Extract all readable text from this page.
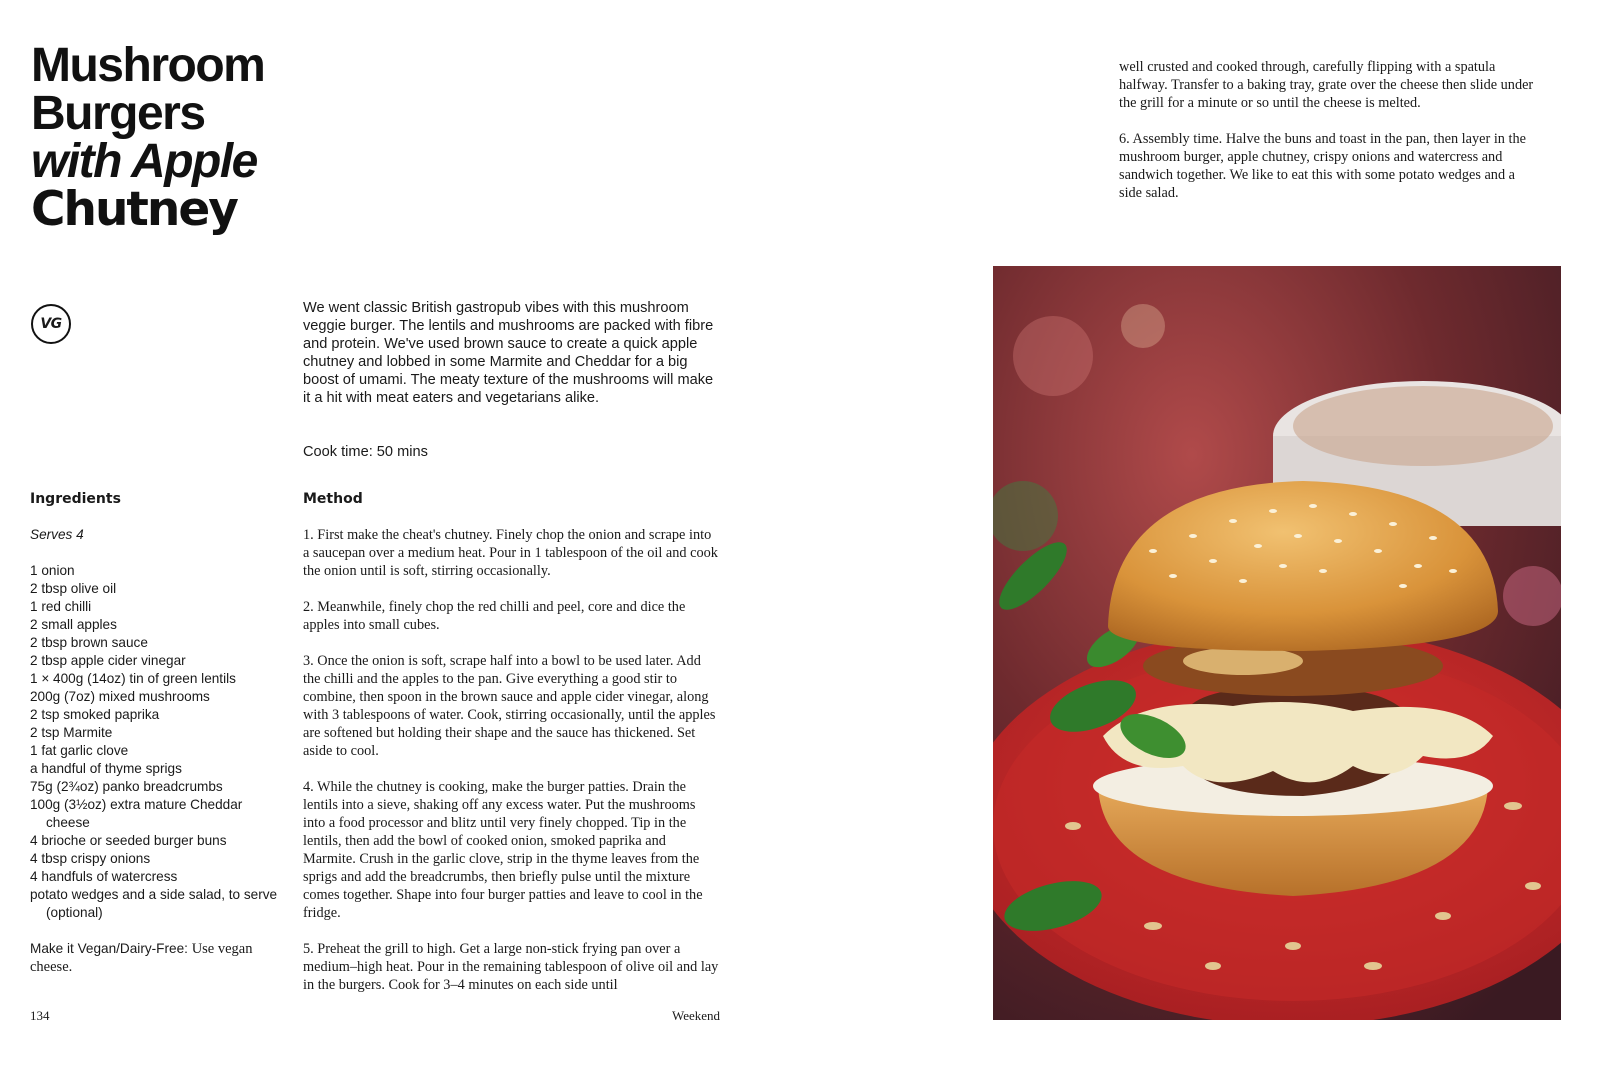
Mushroom
Burgers
with Apple
Chutney
VG

We went classic British gastropub vibes with this mushroom veggie burger. The lentils and mushrooms are packed with fibre and protein. We've used brown sauce to create a quick apple chutney and lobbed in some Marmite and Cheddar for a big boost of umami. The meaty texture of the mushrooms will make it a hit with meat eaters and vegetarians alike.

Cook time: 50 mins

Ingredients	Method

Serves 4

1 onion
2 tbsp olive oil
1 red chilli
2 small apples
2 tbsp brown sauce
2 tbsp apple cider vinegar
1 × 400g (14oz) tin of green lentils
200g (7oz) mixed mushrooms
2 tsp smoked paprika
2 tsp Marmite
1 fat garlic clove
a handful of thyme sprigs
75g (2¾oz) panko breadcrumbs
100g (3½oz) extra mature Cheddar cheese
4 brioche or seeded burger buns
4 tbsp crispy onions
4 handfuls of watercress
potato wedges and a side salad, to serve (optional)

Make it Vegan/Dairy-Free: Use vegan cheese.

1. First make the cheat's chutney. Finely chop the onion and scrape into a saucepan over a medium heat. Pour in 1 tablespoon of the oil and cook the onion until is soft, stirring occasionally.
2. Meanwhile, finely chop the red chilli and peel, core and dice the apples into small cubes.
3. Once the onion is soft, scrape half into a bowl to be used later. Add the chilli and the apples to the pan. Give everything a good stir to combine, then spoon in the brown sauce and apple cider vinegar, along with 3 tablespoons of water. Cook, stirring occasionally, until the apples are softened but holding their shape and the sauce has thickened. Set aside to cool.
4. While the chutney is cooking, make the burger patties. Drain the lentils into a sieve, shaking off any excess water. Put the mushrooms into a food processor and blitz until very finely chopped. Tip in the lentils, then add the bowl of cooked onion, smoked paprika and Marmite. Crush in the garlic clove, strip in the thyme leaves from the sprigs and add the breadcrumbs, then briefly pulse until the mixture comes together. Shape into four burger patties and leave to cool in the fridge.
5. Preheat the grill to high. Get a large non-stick frying pan over a medium–high heat. Pour in the remaining tablespoon of olive oil and lay in the burgers. Cook for 3–4 minutes on each side until

134	Weekend

well crusted and cooked through, carefully flipping with a spatula halfway. Transfer to a baking tray, grate over the cheese then slide under the grill for a minute or so until the cheese is melted.
6. Assembly time. Halve the buns and toast in the pan, then layer in the mushroom burger, apple chutney, crispy onions and watercress and sandwich together. We like to eat this with some potato wedges and a side salad.
